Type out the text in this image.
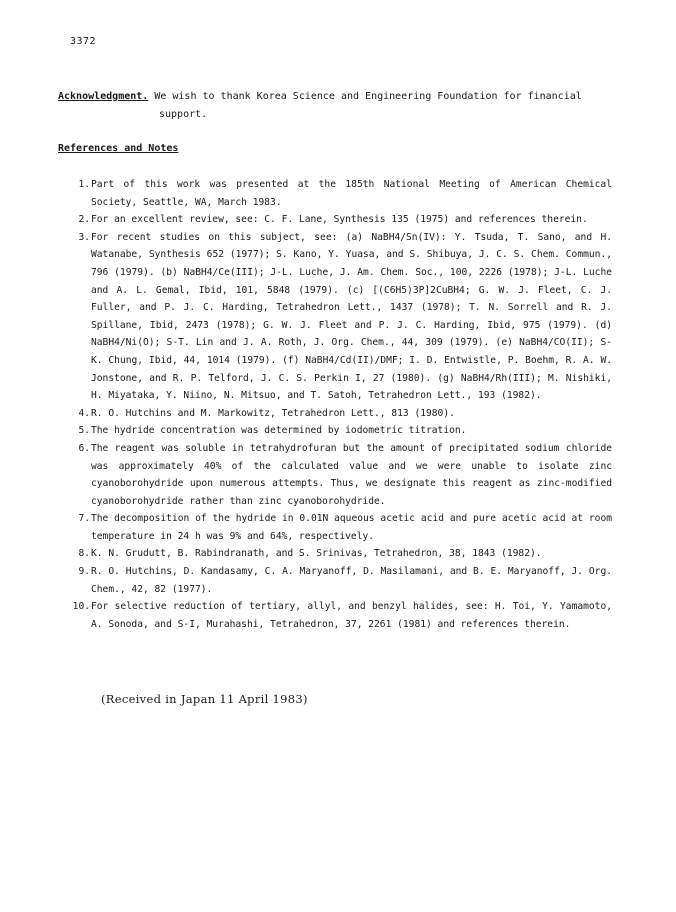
3372
Acknowledgment. We wish to thank Korea Science and Engineering Foundation for financial
support.
References and Notes
1. Part of this work was presented at the 185th National Meeting of American Chemical Society, Seattle, WA, March 1983.
2. For an excellent review, see: C. F. Lane, Synthesis 135 (1975) and references therein.
3. For recent studies on this subject, see: (a) NaBH4/Sn(IV): Y. Tsuda, T. Sano, and H. Watanabe, Synthesis 652 (1977); S. Kano, Y. Yuasa, and S. Shibuya, J. C. S. Chem. Commun., 796 (1979). (b) NaBH4/Ce(III); J-L. Luche, J. Am. Chem. Soc., 100, 2226 (1978); J-L. Luche and A. L. Gemal, Ibid, 101, 5848 (1979). (c) [(C6H5)3P]2CuBH4; G. W. J. Fleet, C. J. Fuller, and P. J. C. Harding, Tetrahedron Lett., 1437 (1978); T. N. Sorrell and R. J. Spillane, Ibid, 2473 (1978); G. W. J. Fleet and P. J. C. Harding, Ibid, 975 (1979). (d) NaBH4/Ni(O); S-T. Lin and J. A. Roth, J. Org. Chem., 44, 309 (1979). (e) NaBH4/CO(II); S-K. Chung, Ibid, 44, 1014 (1979). (f) NaBH4/Cd(II)/DMF; I. D. Entwistle, P. Boehm, R. A. W. Jonstone, and R. P. Telford, J. C. S. Perkin I, 27 (1980). (g) NaBH4/Rh(III); M. Nishiki, H. Miyataka, Y. Niino, N. Mitsuo, and T. Satoh, Tetrahedron Lett., 193 (1982).
4. R. O. Hutchins and M. Markowitz, Tetrahedron Lett., 813 (1980).
5. The hydride concentration was determined by iodometric titration.
6. The reagent was soluble in tetrahydrofuran but the amount of precipitated sodium chloride was approximately 40% of the calculated value and we were unable to isolate zinc cyanoborohydride upon numerous attempts. Thus, we designate this reagent as zinc-modified cyanoborohydride rather than zinc cyanoborohydride.
7. The decomposition of the hydride in 0.01N aqueous acetic acid and pure acetic acid at room temperature in 24 h was 9% and 64%, respectively.
8. K. N. Grudutt, B. Rabindranath, and S. Srinivas, Tetrahedron, 38, 1843 (1982).
9. R. O. Hutchins, D. Kandasamy, C. A. Maryanoff, D. Masilamani, and B. E. Maryanoff, J. Org. Chem., 42, 82 (1977).
10. For selective reduction of tertiary, allyl, and benzyl halides, see: H. Toi, Y. Yamamoto, A. Sonoda, and S-I, Murahashi, Tetrahedron, 37, 2261 (1981) and references therein.
(Received in Japan 11 April 1983)
